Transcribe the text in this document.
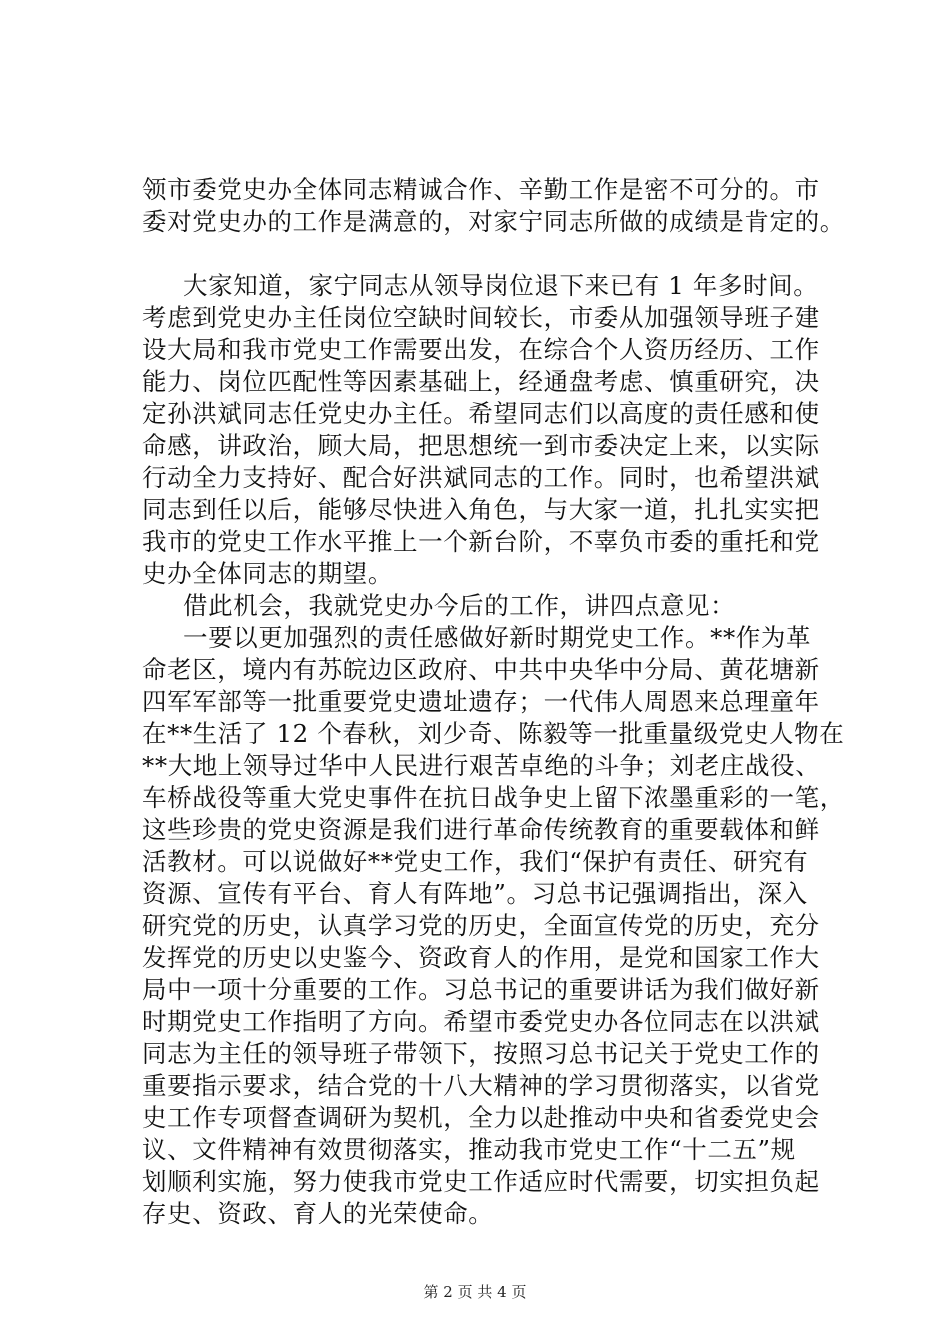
领市委党史办全体同志精诚合作、辛勤工作是密不可分的。市
委对党史办的工作是满意的，对家宁同志所做的成绩是肯定的。
大家知道，家宁同志从领导岗位退下来已有 1 年多时间。
考虑到党史办主任岗位空缺时间较长，市委从加强领导班子建
设大局和我市党史工作需要出发，在综合个人资历经历、工作
能力、岗位匹配性等因素基础上，经通盘考虑、慎重研究，决
定孙洪斌同志任党史办主任。希望同志们以高度的责任感和使
命感，讲政治，顾大局，把思想统一到市委决定上来，以实际
行动全力支持好、配合好洪斌同志的工作。同时，也希望洪斌
同志到任以后，能够尽快进入角色，与大家一道，扎扎实实把
我市的党史工作水平推上一个新台阶，不辜负市委的重托和党
史办全体同志的期望。
借此机会，我就党史办今后的工作，讲四点意见：
一要以更加强烈的责任感做好新时期党史工作。**作为革
命老区，境内有苏皖边区政府、中共中央华中分局、黄花塘新
四军军部等一批重要党史遗址遗存；一代伟人周恩来总理童年
在**生活了 12 个春秋，刘少奇、陈毅等一批重量级党史人物在
**大地上领导过华中人民进行艰苦卓绝的斗争；刘老庄战役、
车桥战役等重大党史事件在抗日战争史上留下浓墨重彩的一笔，
这些珍贵的党史资源是我们进行革命传统教育的重要载体和鲜
活教材。可以说做好**党史工作，我们“保护有责任、研究有
资源、宣传有平台、育人有阵地”。习总书记强调指出，深入
研究党的历史，认真学习党的历史，全面宣传党的历史，充分
发挥党的历史以史鉴今、资政育人的作用，是党和国家工作大
局中一项十分重要的工作。习总书记的重要讲话为我们做好新
时期党史工作指明了方向。希望市委党史办各位同志在以洪斌
同志为主任的领导班子带领下，按照习总书记关于党史工作的
重要指示要求，结合党的十八大精神的学习贯彻落实，以省党
史工作专项督查调研为契机，全力以赴推动中央和省委党史会
议、文件精神有效贯彻落实，推动我市党史工作“十二五”规
划顺利实施，努力使我市党史工作适应时代需要，切实担负起
存史、资政、育人的光荣使命。
第 2 页 共 4 页
